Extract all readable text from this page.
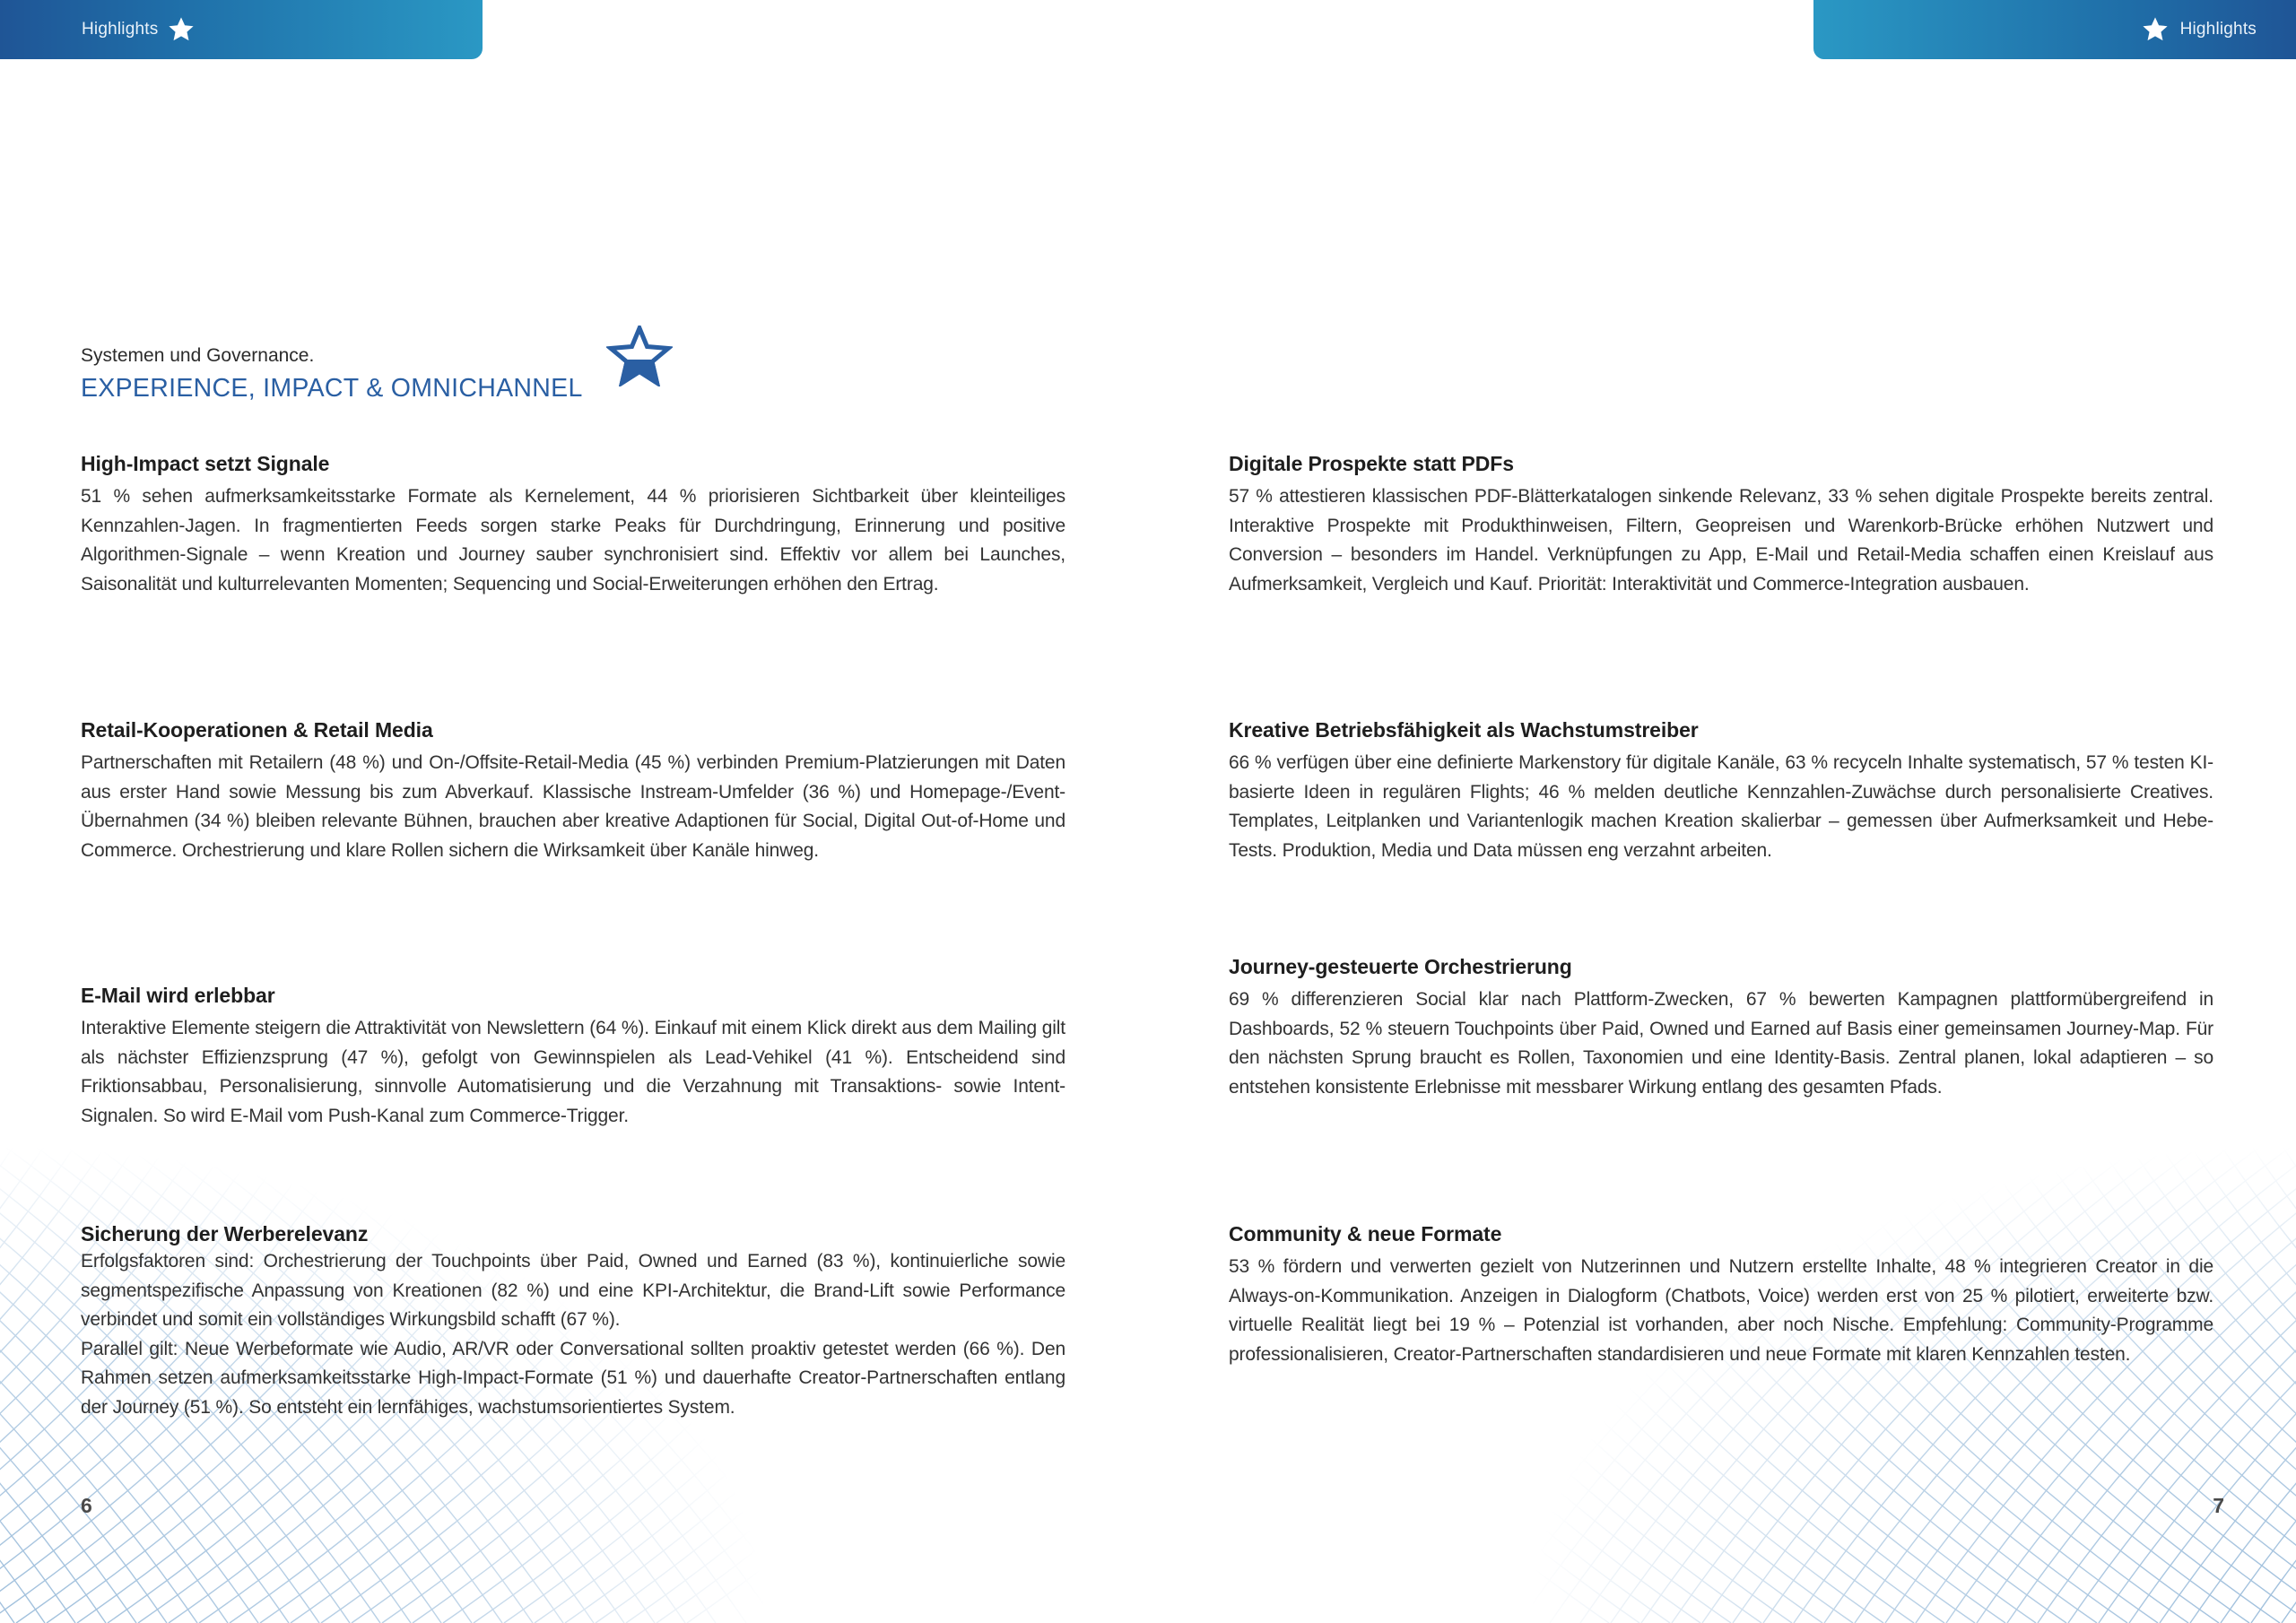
Highlights	Highlights
Systemen und Governance.
EXPERIENCE, IMPACT & OMNICHANNEL
High-Impact setzt Signale

51 % sehen aufmerksamkeitsstarke Formate als Kernelement, 44 % priorisieren Sichtbarkeit über kleinteiliges Kennzahlen-Jagen. In fragmentierten Feeds sorgen starke Peaks für Durchdringung, Erinnerung und positive Algorithmen-Signale – wenn Kreation und Journey sauber synchronisiert sind. Effektiv vor allem bei Launches, Saisonalität und kulturrelevanten Momenten; Sequencing und Social-Erweiterungen erhöhen den Ertrag.

Retail-Kooperationen & Retail Media

Partnerschaften mit Retailern (48 %) und On-/Offsite-Retail-Media (45 %) verbinden Premium-Platzierungen mit Daten aus erster Hand sowie Messung bis zum Abverkauf. Klassische Instream-Umfelder (36 %) und Homepage-/Event-Übernahmen (34 %) bleiben relevante Bühnen, brauchen aber kreative Adaptionen für Social, Digital Out-of-Home und Commerce. Orchestrierung und klare Rollen sichern die Wirksamkeit über Kanäle hinweg.

E-Mail wird erlebbar

Interaktive Elemente steigern die Attraktivität von Newslettern (64 %). Einkauf mit einem Klick direkt aus dem Mailing gilt als nächster Effizienzsprung (47 %), gefolgt von Gewinnspielen als Lead-Vehikel (41 %). Entscheidend sind Friktionsabbau, Personalisierung, sinnvolle Automatisierung und die Verzahnung mit Transaktions- sowie Intent-Signalen. So wird E-Mail vom Push-Kanal zum Commerce-Trigger.

Sicherung der Werberelevanz

Erfolgsfaktoren sind: Orchestrierung der Touchpoints über Paid, Owned und Earned (83 %), kontinuierliche sowie segmentspezifische Anpassung von Kreationen (82 %) und eine KPI-Architektur, die Brand-Lift sowie Performance verbindet und somit ein vollständiges Wirkungsbild schafft (67 %).

Parallel gilt: Neue Werbeformate wie Audio, AR/VR oder Conversational sollten proaktiv getestet werden (66 %). Den Rahmen setzen aufmerksamkeitsstarke High-Impact-Formate (51 %) und dauerhafte Creator-Partnerschaften entlang der Journey (51 %). So entsteht ein lernfähiges, wachstumsorientiertes System.

6
Digitale Prospekte statt PDFs

57 % attestieren klassischen PDF-Blätterkatalogen sinkende Relevanz, 33 % sehen digitale Prospekte bereits zentral. Interaktive Prospekte mit Produkthinweisen, Filtern, Geopreisen und Warenkorb-Brücke erhöhen Nutzwert und Conversion – besonders im Handel. Verknüpfungen zu App, E-Mail und Retail-Media schaffen einen Kreislauf aus Aufmerksamkeit, Vergleich und Kauf. Priorität: Interaktivität und Commerce-Integration ausbauen.

Kreative Betriebsfähigkeit als Wachstumstreiber

66 % verfügen über eine definierte Markenstory für digitale Kanäle, 63 % recyceln Inhalte systematisch, 57 % testen KI-basierte Ideen in regulären Flights; 46 % melden deutliche Kennzahlen-Zuwächse durch personalisierte Creatives. Templates, Leitplanken und Variantenlogik machen Kreation skalierbar – gemessen über Aufmerksamkeit und Hebe-Tests. Produktion, Media und Data müssen eng verzahnt arbeiten.

Journey-gesteuerte Orchestrierung

69 % differenzieren Social klar nach Plattform-Zwecken, 67 % bewerten Kampagnen plattformübergreifend in Dashboards, 52 % steuern Touchpoints über Paid, Owned und Earned auf Basis einer gemeinsamen Journey-Map. Für den nächsten Sprung braucht es Rollen, Taxonomien und eine Identity-Basis. Zentral planen, lokal adaptieren – so entstehen konsistente Erlebnisse mit messbarer Wirkung entlang des gesamten Pfads.

Community & neue Formate

53 % fördern und verwerten gezielt von Nutzerinnen und Nutzern erstellte Inhalte, 48 % integrieren Creator in die Always-on-Kommunikation. Anzeigen in Dialogform (Chatbots, Voice) werden erst von 25 % pilotiert, erweiterte bzw. virtuelle Realität liegt bei 19 % – Potenzial ist vorhanden, aber noch Nische. Empfehlung: Community-Programme professionalisieren, Creator-Partnerschaften standardisieren und neue Formate mit klaren Kennzahlen testen.

7
